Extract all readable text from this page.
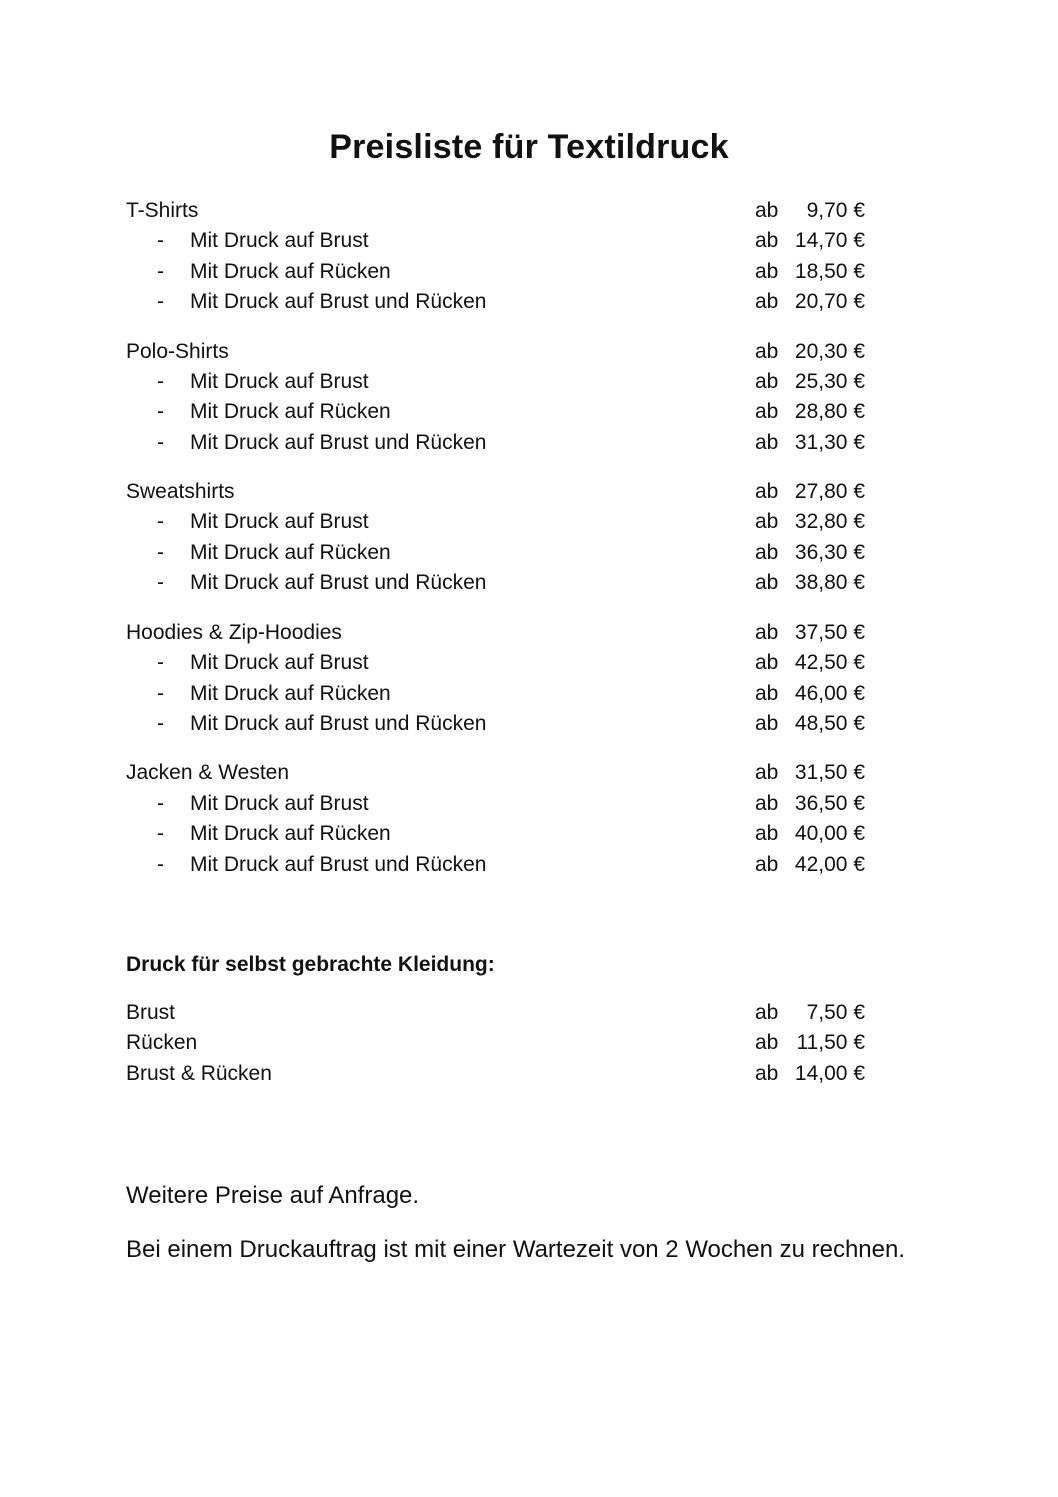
Preisliste für Textildruck
T-Shirts	ab 9,70 €
- Mit Druck auf Brust	ab 14,70 €
- Mit Druck auf Rücken	ab 18,50 €
- Mit Druck auf Brust und Rücken	ab 20,70 €
Polo-Shirts	ab 20,30 €
- Mit Druck auf Brust	ab 25,30 €
- Mit Druck auf Rücken	ab 28,80 €
- Mit Druck auf Brust und Rücken	ab 31,30 €
Sweatshirts	ab 27,80 €
- Mit Druck auf Brust	ab 32,80 €
- Mit Druck auf Rücken	ab 36,30 €
- Mit Druck auf Brust und Rücken	ab 38,80 €
Hoodies & Zip-Hoodies	ab 37,50 €
- Mit Druck auf Brust	ab 42,50 €
- Mit Druck auf Rücken	ab 46,00 €
- Mit Druck auf Brust und Rücken	ab 48,50 €
Jacken & Westen	ab 31,50 €
- Mit Druck auf Brust	ab 36,50 €
- Mit Druck auf Rücken	ab 40,00 €
- Mit Druck auf Brust und Rücken	ab 42,00 €
Druck für selbst gebrachte Kleidung:
Brust	ab 7,50 €
Rücken	ab 11,50 €
Brust & Rücken	ab 14,00 €
Weitere Preise auf Anfrage.
Bei einem Druckauftrag ist mit einer Wartezeit von 2 Wochen zu rechnen.
